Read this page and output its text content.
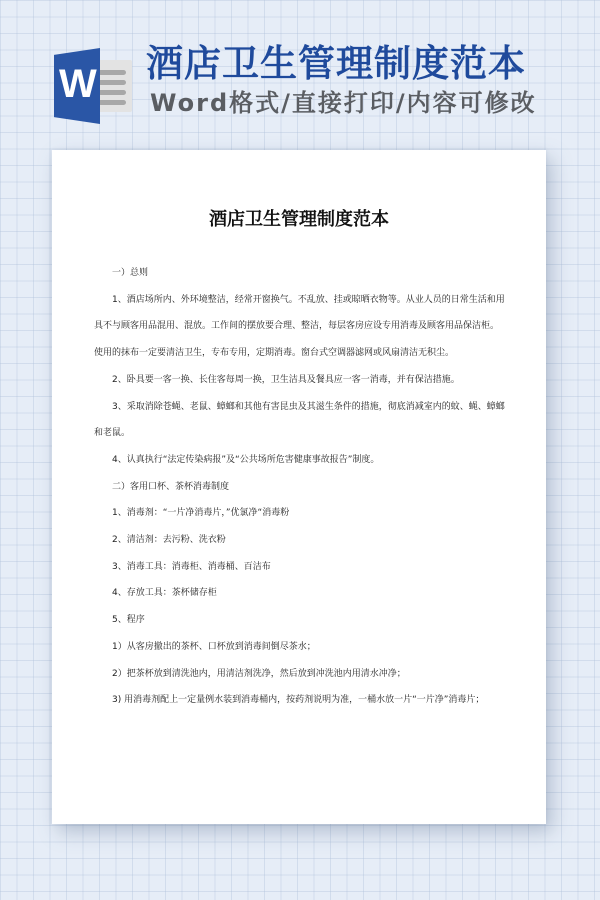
W 酒店卫生管理制度范本
Word格式/直接打印/内容可修改
酒店卫生管理制度范本

一）总则

1、酒店场所内、外环境整洁，经常开窗换气。不乱放、挂或晾晒衣物等。从业人员的日常生活和用具不与顾客用品混用、混放。工作间的摆放要合理、整洁，每层客房应设专用消毒及顾客用品保洁柜。使用的抹布一定要清洁卫生，专布专用，定期消毒。窗台式空调器滤网或风扇清洁无积尘。

2、卧具要一客一换、长住客每周一换，卫生洁具及餐具应一客一消毒，并有保洁措施。

3、采取消除苍蝇、老鼠、蟑螂和其他有害昆虫及其滋生条件的措施，彻底消减室内的蚊、蝇、蟑螂和老鼠。

4、认真执行“法定传染病报”及“公共场所危害健康事故报告”制度。

二）客用口杯、茶杯消毒制度

1、消毒剂：“一片净消毒片，”优氯净“消毒粉

2、清洁剂：去污粉、洗衣粉

3、消毒工具：消毒柜、消毒桶、百洁布

4、存放工具：茶杯储存柜

5、程序

1）从客房撤出的茶杯、口杯放到消毒间倒尽茶水；

2）把茶杯放到清洗池内，用清洁剂洗净，然后放到冲洗池内用清水冲净；

3) 用消毒剂配上一定量例水装到消毒桶内，按药剂说明为准，一桶水放一片“一片净”消毒片；
